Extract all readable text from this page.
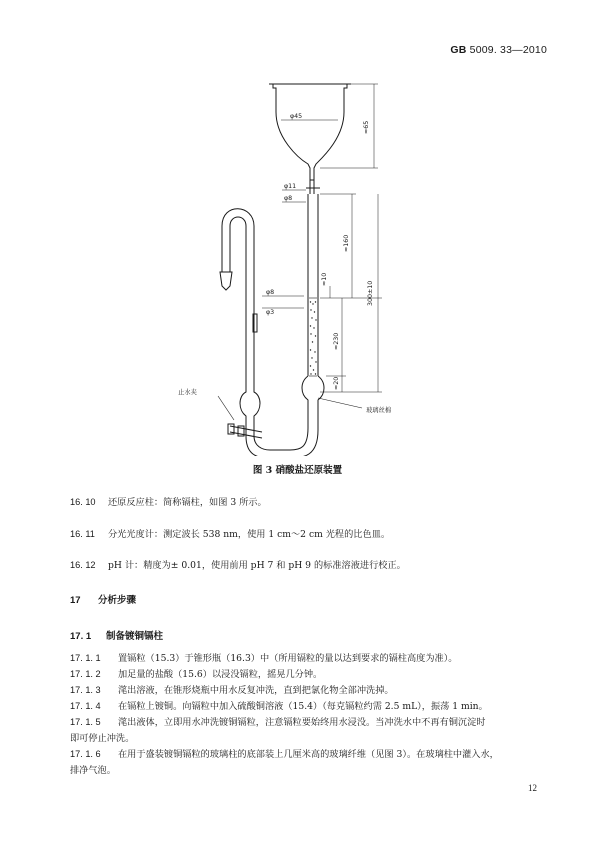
GB 5009. 33—2010
φ45
≈65
φ11
φ8
≈160
≈10
300±10
φ8
φ3
≈230
≈20
止水夹
玻璃丝棉
图 3 硝酸盐还原装置
16. 10 还原反应柱：简称镉柱，如图 3 所示。
16. 11 分光光度计：测定波长 538 nm，使用 1 cm～2 cm 光程的比色皿。
16. 12 pH 计：精度为± 0.01，使用前用 pH 7 和 pH 9 的标准溶液进行校正。
17 分析步骤
17. 1 制备镀铜镉柱
17. 1. 1 置镉粒（15.3）于锥形瓶（16.3）中（所用镉粒的量以达到要求的镉柱高度为准）。
17. 1. 2 加足量的盐酸（15.6）以浸没镉粒，摇晃几分钟。
17. 1. 3 滗出溶液，在锥形烧瓶中用水反复冲洗，直到把氯化物全部冲洗掉。
17. 1. 4 在镉粒上镀铜。向镉粒中加入硫酸铜溶液（15.4）（每克镉粒约需 2.5 mL），振荡 1 min。
17. 1. 5 滗出液体，立即用水冲洗镀铜镉粒，注意镉粒要始终用水浸没。当冲洗水中不再有铜沉淀时
即可停止冲洗。
17. 1. 6 在用于盛装镀铜镉粒的玻璃柱的底部装上几厘米高的玻璃纤维（见图 3）。在玻璃柱中灌入水，
排净气泡。
12
